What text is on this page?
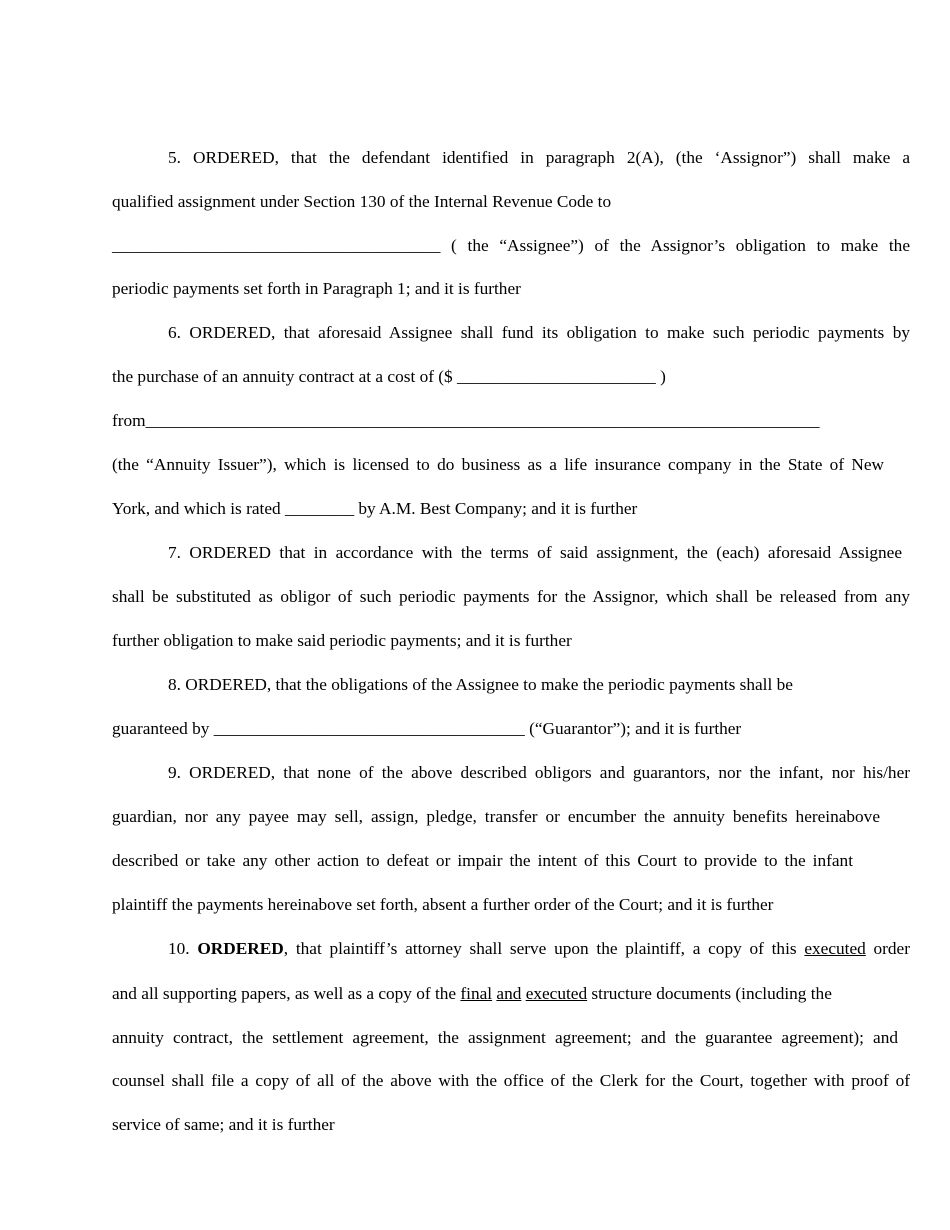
5. ORDERED, that the defendant identified in paragraph 2(A), (the ‘Assignor”) shall make a
qualified assignment under Section 130 of the Internal Revenue Code to
______________________________________ ( the “Assignee”) of the Assignor’s obligation to make the
periodic payments set forth in Paragraph 1; and it is further
6. ORDERED, that aforesaid Assignee shall fund its obligation to make such periodic payments by
the purchase of an annuity contract at a cost of ($ _______________________ )
from______________________________________________________________________________
(the “Annuity Issuer”), which is licensed to do business as a life insurance company in the State of New
York, and which is rated ________ by A.M. Best Company; and it is further
7. ORDERED that in accordance with the terms of said assignment, the (each) aforesaid Assignee
shall be substituted as obligor of such periodic payments for the Assignor, which shall be released from any
further obligation to make said periodic payments; and it is further
8. ORDERED, that the obligations of the Assignee to make the periodic payments shall be
guaranteed by ____________________________________ (“Guarantor”); and it is further
9. ORDERED, that none of the above described obligors and guarantors, nor the infant, nor his/her
guardian, nor any payee may sell, assign, pledge, transfer or encumber the annuity benefits hereinabove
described or take any other action to defeat or impair the intent of this Court to provide to the infant
plaintiff the payments hereinabove set forth, absent a further order of the Court; and it is further
10. ORDERED, that plaintiff’s attorney shall serve upon the plaintiff, a copy of this executed order
and all supporting papers, as well as a copy of the final and executed structure documents (including the
annuity contract, the settlement agreement, the assignment agreement; and the guarantee agreement); and
counsel shall file a copy of all of the above with the office of the Clerk for the Court, together with proof of
service of same; and it is further
